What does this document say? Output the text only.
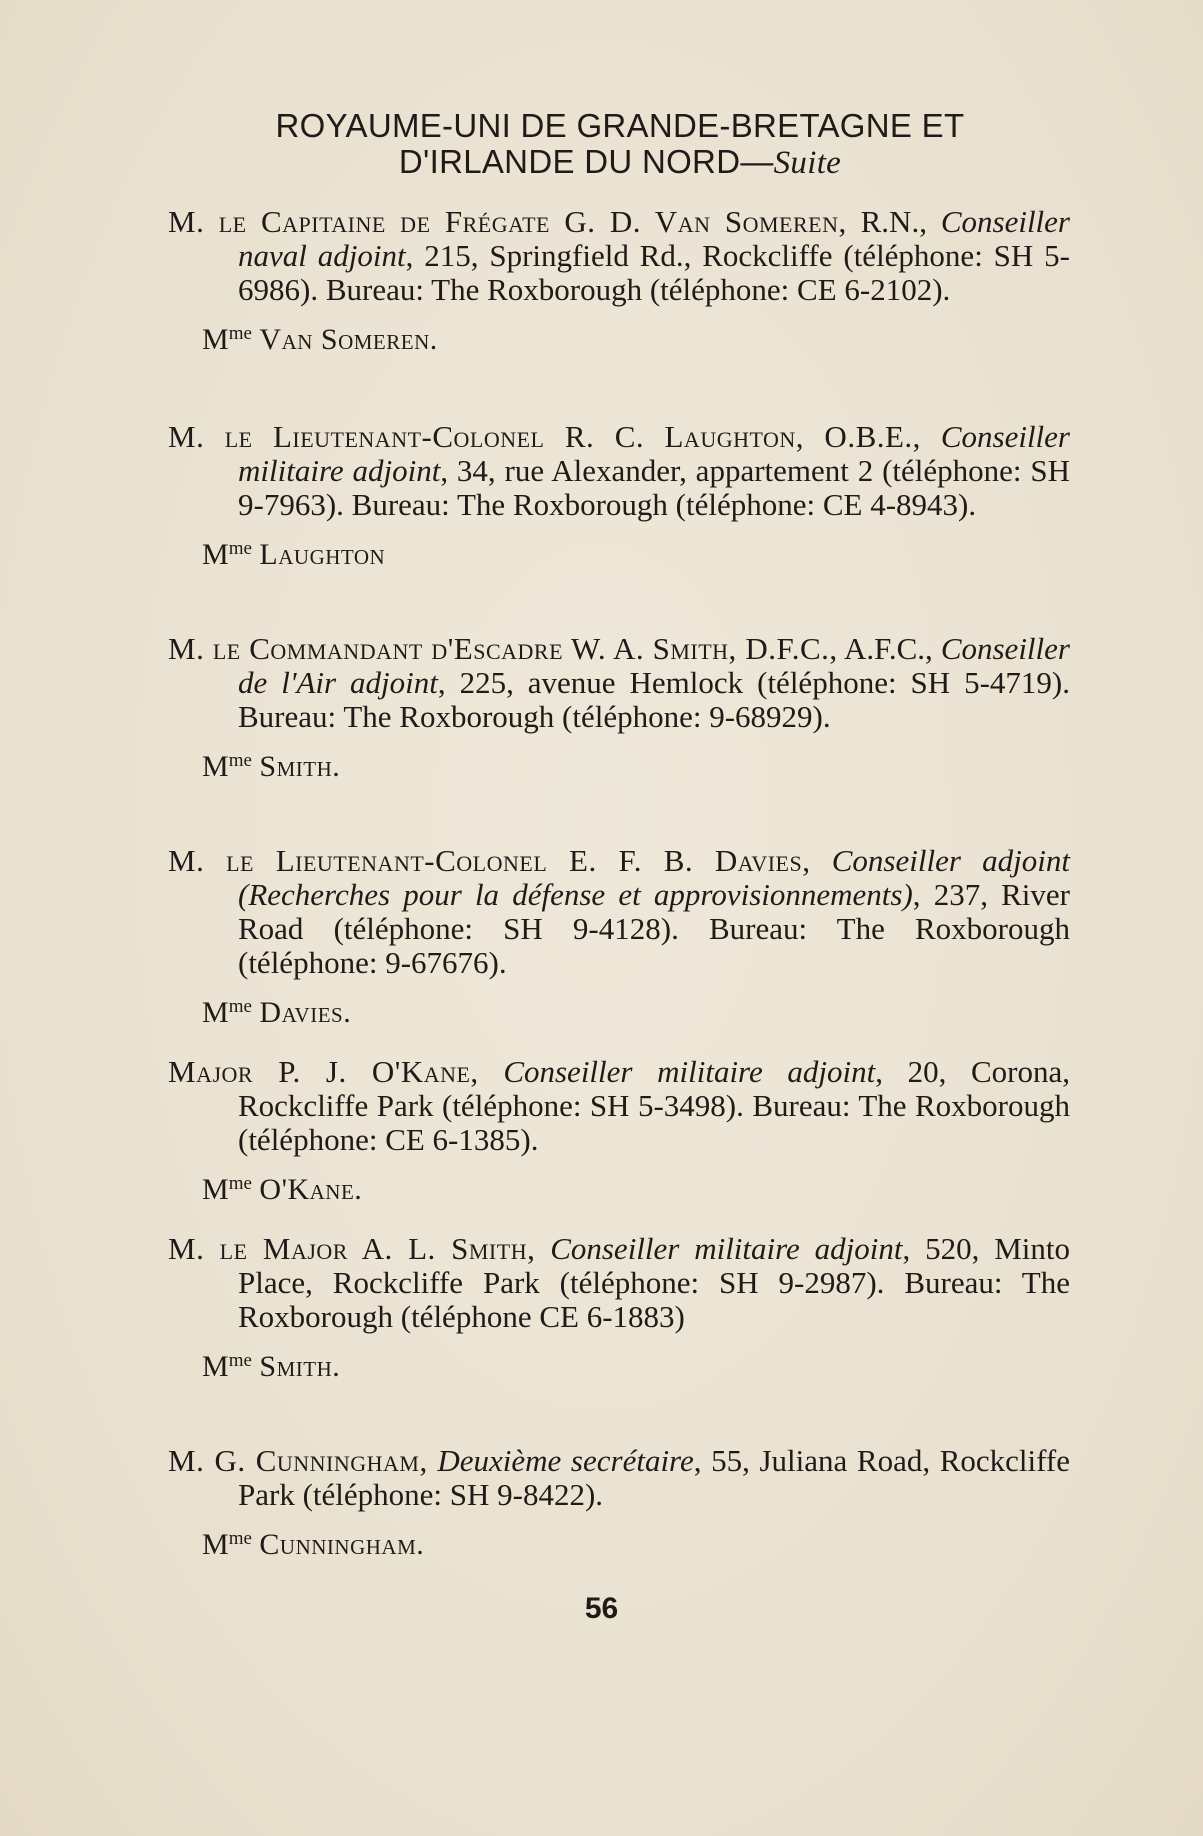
ROYAUME-UNI DE GRANDE-BRETAGNE ET
D'IRLANDE DU NORD—Suite

M. le Capitaine de Frégate G. D. Van Someren, R.N., Conseiller naval adjoint, 215, Springfield Rd., Rockcliffe (téléphone: SH 5-6986). Bureau: The Roxborough (téléphone: CE 6-2102).

$M^{me}$ Van Someren.

M. le Lieutenant-Colonel R. C. Laughton, O.B.E., Conseiller militaire adjoint, 34, rue Alexander, appartement 2 (téléphone: SH 9-7963). Bureau: The Roxborough (téléphone: CE 4-8943).

$M^{me}$ Laughton

M. le Commandant d'Escadre W. A. Smith, D.F.C., A.F.C., Conseiller de l'Air adjoint, 225, avenue Hemlock (téléphone: SH 5-4719). Bureau: The Roxborough (téléphone: 9-68929).

$M^{me}$ Smith.

M. le Lieutenant-Colonel E. F. B. Davies, Conseiller adjoint (Recherches pour la défense et approvisionnements), 237, River Road (téléphone: SH 9-4128). Bureau: The Roxborough (téléphone: 9-67676).

$M^{me}$ Davies.

Major P. J. O'Kane, Conseiller militaire adjoint, 20, Corona, Rockcliffe Park (téléphone: SH 5-3498). Bureau: The Roxborough (téléphone: CE 6-1385).

$M^{me}$ O'Kane.

M. le Major A. L. Smith, Conseiller militaire adjoint, 520, Minto Place, Rockcliffe Park (téléphone: SH 9-2987). Bureau: The Roxborough (téléphone CE 6-1883)

$M^{me}$ Smith.

M. G. Cunningham, Deuxième secrétaire, 55, Juliana Road, Rockcliffe Park (téléphone: SH 9-8422).

$M^{me}$ Cunningham.
56
